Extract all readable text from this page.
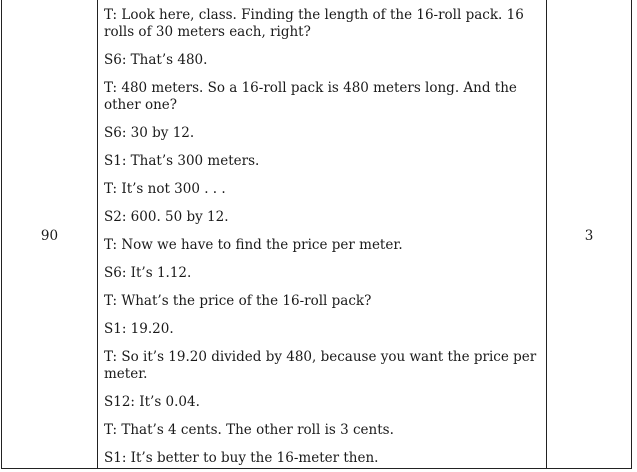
90

T: Look here, class. Finding the length of the 16-roll pack. 16 rolls of 30 meters each, right?

S6: That’s 480.

T: 480 meters. So a 16-roll pack is 480 meters long. And the other one?

S6: 30 by 12.

S1: That’s 300 meters.

T: It’s not 300 . . .

S2: 600. 50 by 12.

T: Now we have to find the price per meter.

S6: It’s 1.12.

T: What’s the price of the 16-roll pack?

S1: 19.20.

T: So it’s 19.20 divided by 480, because you want the price per meter.

S12: It’s 0.04.

T: That’s 4 cents. The other roll is 3 cents.

S1: It’s better to buy the 16-meter then.

3
